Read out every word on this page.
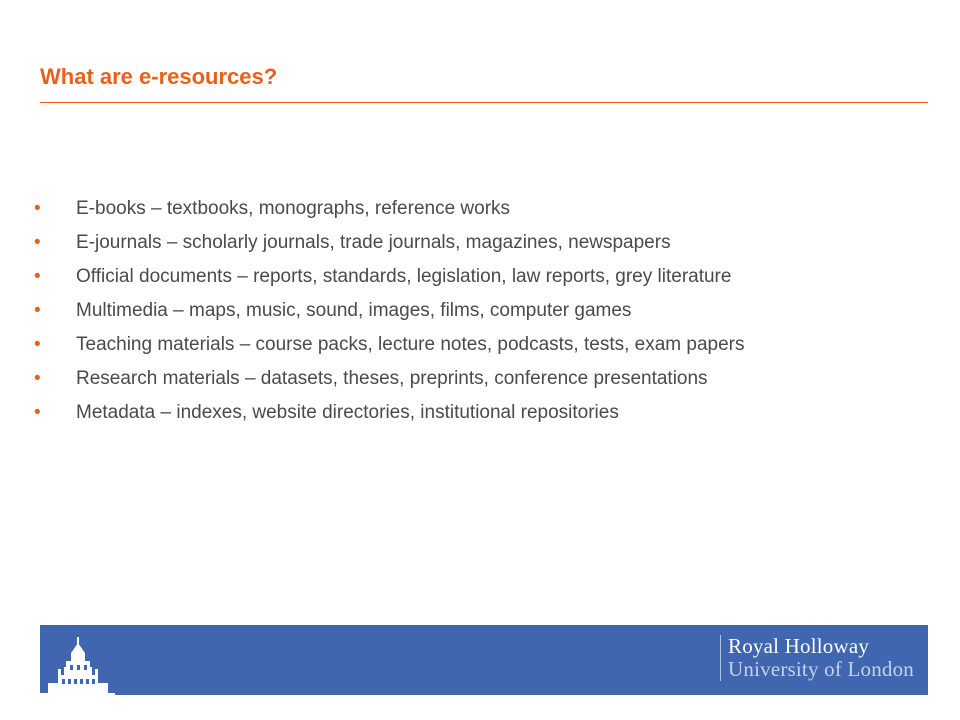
What are e-resources?
• E-books – textbooks, monographs, reference works
• E-journals – scholarly journals, trade journals, magazines, newspapers
• Official documents – reports, standards, legislation, law reports, grey literature
• Multimedia – maps, music, sound, images, films, computer games
• Teaching materials – course packs, lecture notes, podcasts, tests, exam papers
• Research materials – datasets, theses, preprints, conference presentations
• Metadata – indexes, website directories, institutional repositories
Royal Holloway
University of London
